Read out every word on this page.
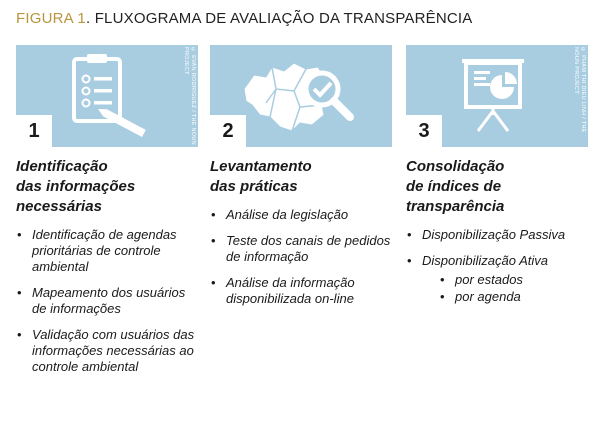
FIGURA 1. FLUXOGRAMA DE AVALIAÇÃO DA TRANSPARÊNCIA
© EVAN RODRIGUEZ / THE NOUN PROJECT
1
Identificação
das informações
necessárias
• Identificação de agendas prioritárias de controle ambiental
• Mapeamento dos usuários de informações
• Validação com usuários das informações necessárias ao controle ambiental
2
Levantamento
das práticas
• Análise da legislação
• Teste dos canais de pedidos de informação
• Análise da informação disponibilizada on-line
© PHAM THI DIEU LINH / THE NOUN PROJECT
3
Consolidação
de índices de
transparência
• Disponibilização Passiva
• Disponibilização Ativa
• por estados
• por agenda
